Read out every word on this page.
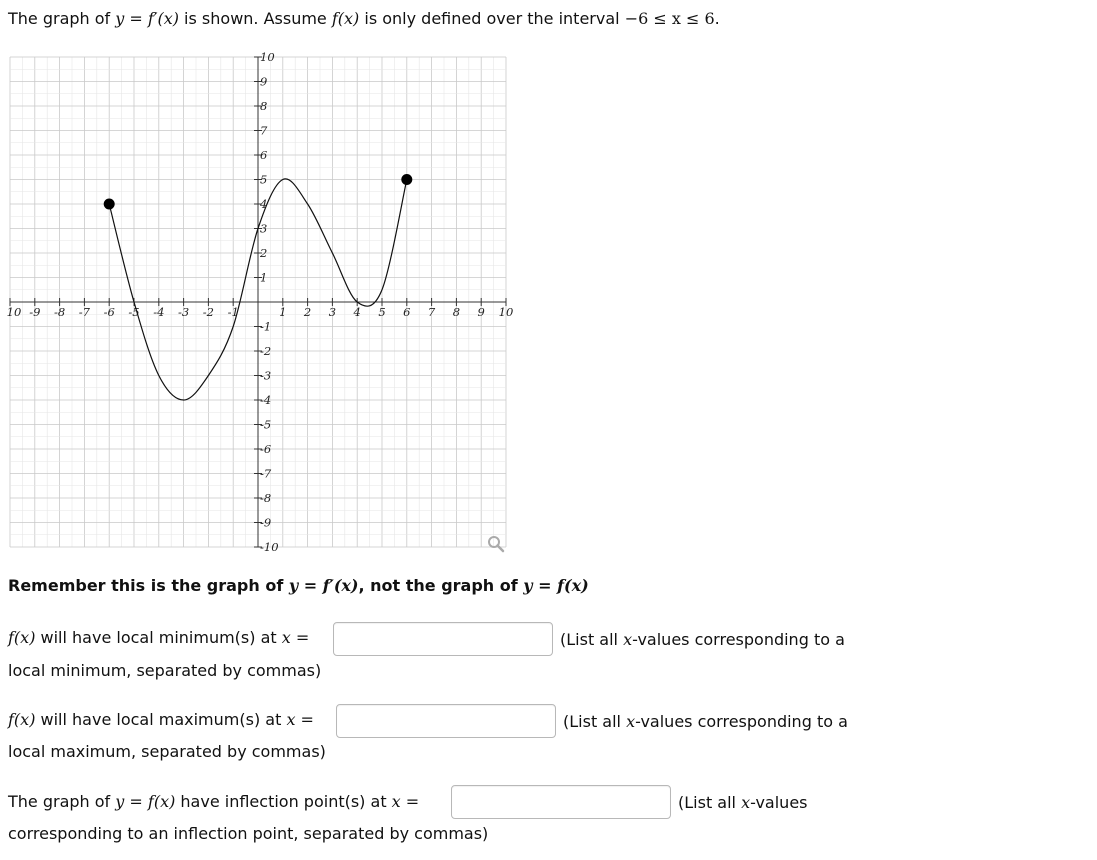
The graph of y = f′(x) is shown. Assume f(x) is only defined over the interval −6 ≤ x ≤ 6.
10 -9 -8 -7 -6 -5 -4 -3 -2 -1	1 2 3 4 5 6 7 8 9 10
10
9
8
7
6
5
4
3
2
1
-1
-2
-3
-4
-5
-6
-7
-8
-9
-10
Remember this is the graph of y = f′(x), not the graph of y = f(x)
f(x) will have local minimum(s) at x =	(List all x-values corresponding to a
local minimum, separated by commas)
f(x) will have local maximum(s) at x =	(List all x-values corresponding to a
local maximum, separated by commas)
The graph of y = f(x) have inflection point(s) at x =	(List all x-values
corresponding to an inflection point, separated by commas)
